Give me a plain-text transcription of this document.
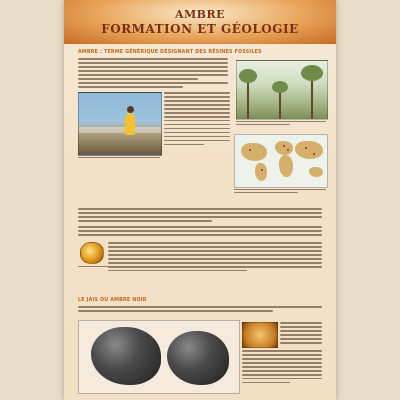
AMBRE
FORMATION ET GÉOLOGIE
AMBRE : TERME GÉNÉRIQUE DÉSIGNANT DES RÉSINES FOSSILES
LE JAIS OU AMBRE NOIR
